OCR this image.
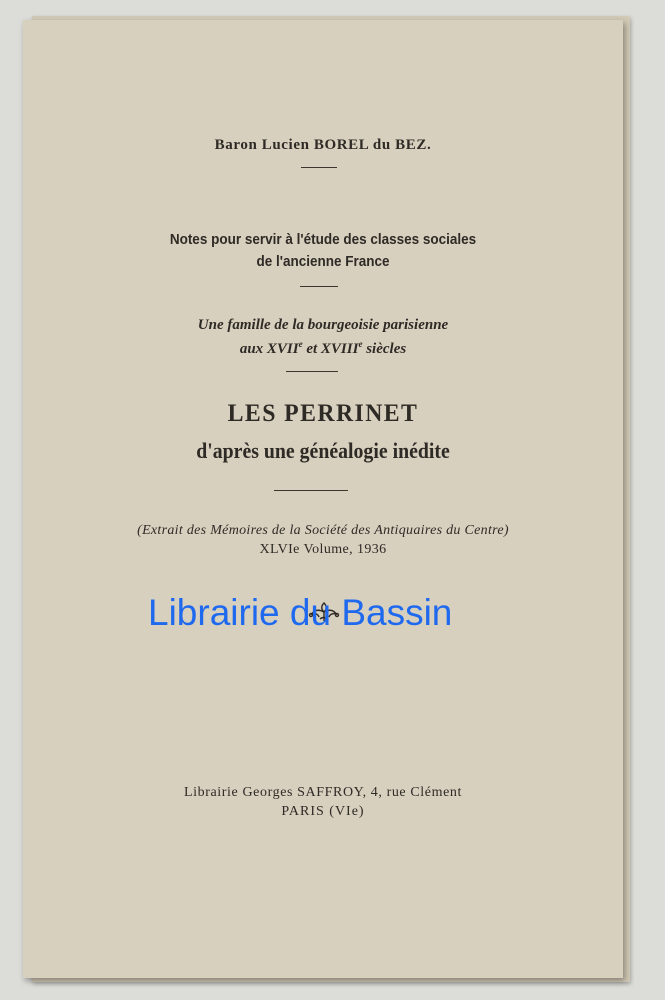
Baron Lucien BOREL du BEZ.
Notes pour servir à l'étude des classes sociales
de l'ancienne France
Une famille de la bourgeoisie parisienne
aux XVIIe et XVIIIe siècles
LES PERRINET
d'après une généalogie inédite
(Extrait des Mémoires de la Société des Antiquaires du Centre)
XLVIe Volume, 1936
Librairie Georges SAFFROY, 4, rue Clément
PARIS (VIe)
Librairie du Bassin
